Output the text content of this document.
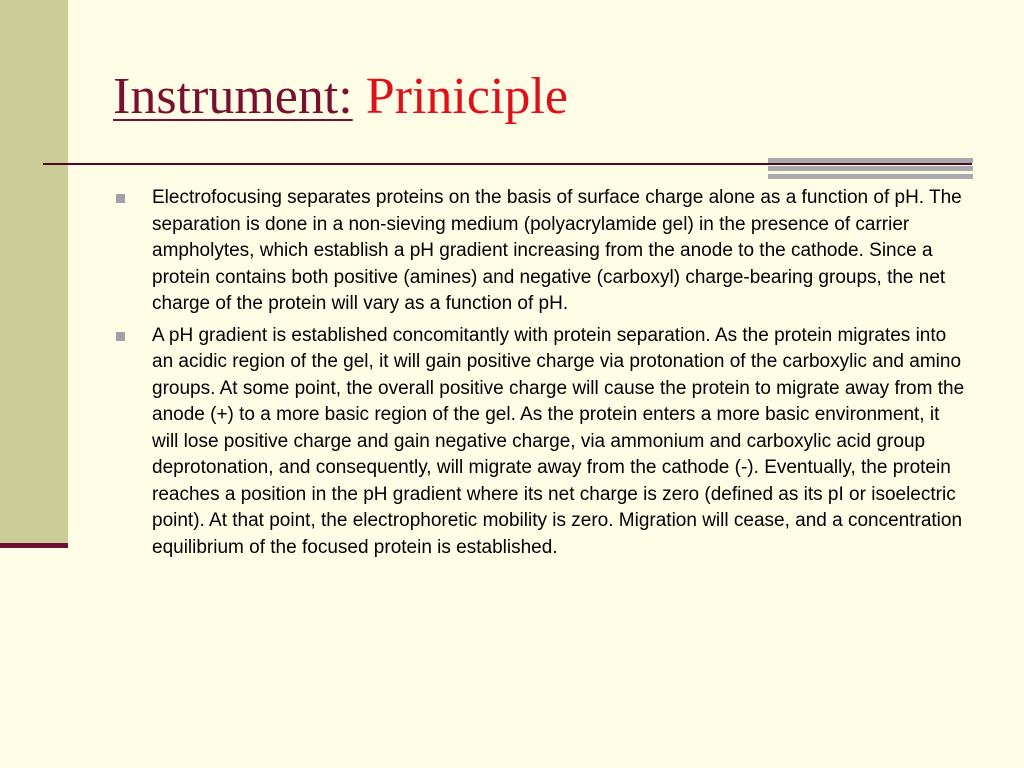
Instrument: Priniciple
Electrofocusing separates proteins on the basis of surface charge alone as a function of pH. The separation is done in a non-sieving medium (polyacrylamide gel) in the presence of carrier ampholytes, which establish a pH gradient increasing from the anode to the cathode. Since a protein contains both positive (amines) and negative (carboxyl) charge-bearing groups, the net charge of the protein will vary as a function of pH.
A pH gradient is established concomitantly with protein separation. As the protein migrates into an acidic region of the gel, it will gain positive charge via protonation of the carboxylic and amino groups. At some point, the overall positive charge will cause the protein to migrate away from the anode (+) to a more basic region of the gel. As the protein enters a more basic environment, it will lose positive charge and gain negative charge, via ammonium and carboxylic acid group deprotonation, and consequently, will migrate away from the cathode (-). Eventually, the protein reaches a position in the pH gradient where its net charge is zero (defined as its pI or isoelectric point). At that point, the electrophoretic mobility is zero. Migration will cease, and a concentration equilibrium of the focused protein is established.
